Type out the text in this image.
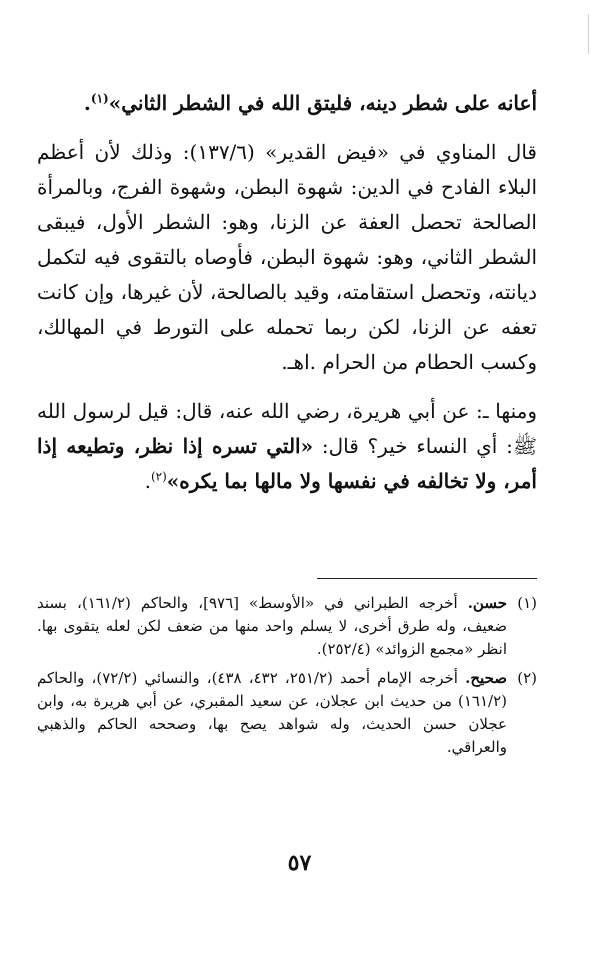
أعانه على شطر دينه، فليتق الله في الشطر الثاني»$^{(١)}$.

قال المناوي في «فيض القدير» (١٣٧/٦): وذلك لأن أعظم البلاء الفادح في الدين: شهوة البطن، وشهوة الفرج، وبالمرأة الصالحة تحصل العفة عن الزنا، وهو: الشطر الأول، فيبقى الشطر الثاني، وهو: شهوة البطن، فأوصاه بالتقوى فيه لتكمل ديانته، وتحصل استقامته، وقيد بالصالحة، لأن غيرها، وإن كانت تعفه عن الزنا، لكن ربما تحمله على التورط في المهالك، وكسب الحطام من الحرام .اهـ.

ومنها ـ: عن أبي هريرة، رضي الله عنه، قال: قيل لرسول الله ﷺ: أي النساء خير؟ قال: «التي تسره إذا نظر، وتطيعه إذا أمر، ولا تخالفه في نفسها ولا مالها بما يكره»$^{(٢)}$.

(١)
حسن. أخرجه الطبراني في «الأوسط» [٩٧٦]، والحاكم (١٦١/٢)، بسند ضعيف، وله طرق أخرى، لا يسلم واحد منها من ضعف لكن لعله يتقوى بها. انظر «مجمع الزوائد» (٢٥٢/٤).
(٢)
صحيح. أخرجه الإمام أحمد (٢٥١/٢، ٤٣٢، ٤٣٨)، والنسائي (٧٢/٢)، والحاكم (١٦١/٢) من حديث ابن عجلان، عن سعيد المقبري، عن أبي هريرة به، وابن عجلان حسن الحديث، وله شواهد يصح بها، وصححه الحاكم والذهبي والعراقي.
٥٧
